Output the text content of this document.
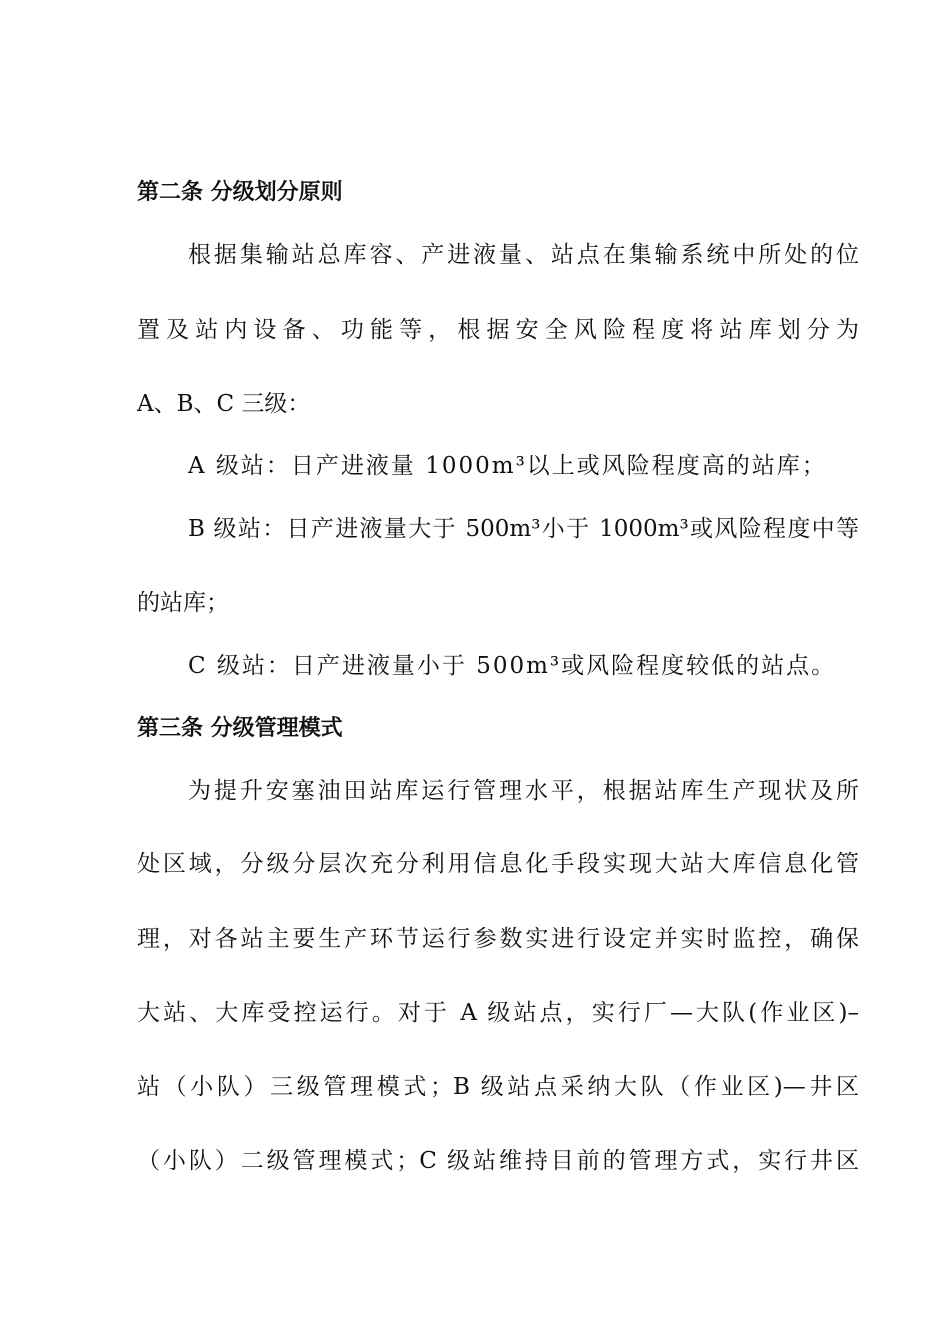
第二条 分级划分原则
根据集输站总库容、产进液量、站点在集输系统中所处的位
置及站内设备、功能等，根据安全风险程度将站库划分为
A、B、C 三级：
A 级站：日产进液量 1000m³以上或风险程度高的站库；
B 级站：日产进液量大于 500m³小于 1000m³或风险程度中等
的站库；
C 级站：日产进液量小于 500m³或风险程度较低的站点。
第三条 分级管理模式
为提升安塞油田站库运行管理水平，根据站库生产现状及所
处区域，分级分层次充分利用信息化手段实现大站大库信息化管
理，对各站主要生产环节运行参数实进行设定并实时监控，确保
大站、大库受控运行。对于 A 级站点，实行厂—大队(作业区)–
站（小队）三级管理模式；B 级站点采纳大队（作业区)—井区
（小队）二级管理模式；C 级站维持目前的管理方式，实行井区
